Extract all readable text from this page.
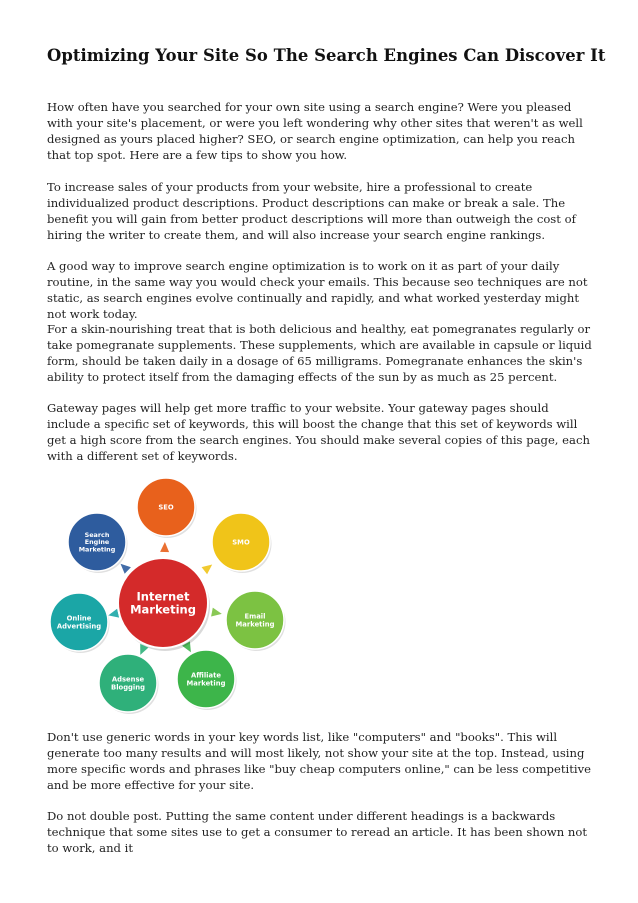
Optimizing Your Site So The Search Engines Can Discover It

How often have you searched for your own site using a search engine? Were you pleased with your site's placement, or were you left wondering why other sites that weren't as well designed as yours placed higher? SEO, or search engine optimization, can help you reach that top spot. Here are a few tips to show you how.

To increase sales of your products from your website, hire a professional to create individualized product descriptions. Product descriptions can make or break a sale. The benefit you will gain from better product descriptions will more than outweigh the cost of hiring the writer to create them, and will also increase your search engine rankings.

A good way to improve search engine optimization is to work on it as part of your daily routine, in the same way you would check your emails. This because seo techniques are not static, as search engines evolve continually and rapidly, and what worked yesterday might not work today.

For a skin-nourishing treat that is both delicious and healthy, eat pomegranates regularly or take pomegranate supplements. These supplements, which are available in capsule or liquid form, should be taken daily in a dosage of 65 milligrams. Pomegranate enhances the skin's ability to protect itself from the damaging effects of the sun by as much as 25 percent.

Gateway pages will help get more traffic to your website. Your gateway pages should include a specific set of keywords, this will boost the change that this set of keywords will get a high score from the search engines. You should make several copies of this page, each with a different set of keywords.

Don't use generic words in your key words list, like "computers" and "books". This will generate too many results and will most likely, not show your site at the top. Instead, using more specific words and phrases like "buy cheap computers online," can be less competitive and be more effective for your site.

Do not double post. Putting the same content under different headings is a backwards technique that some sites use to get a consumer to reread an article. It has been shown not to work, and it

SEO
SMO
Email
Marketing
Affiliate
Marketing
Adsense
Blogging
Online
Advertising
Search
Engine
Marketing
Internet
Marketing
